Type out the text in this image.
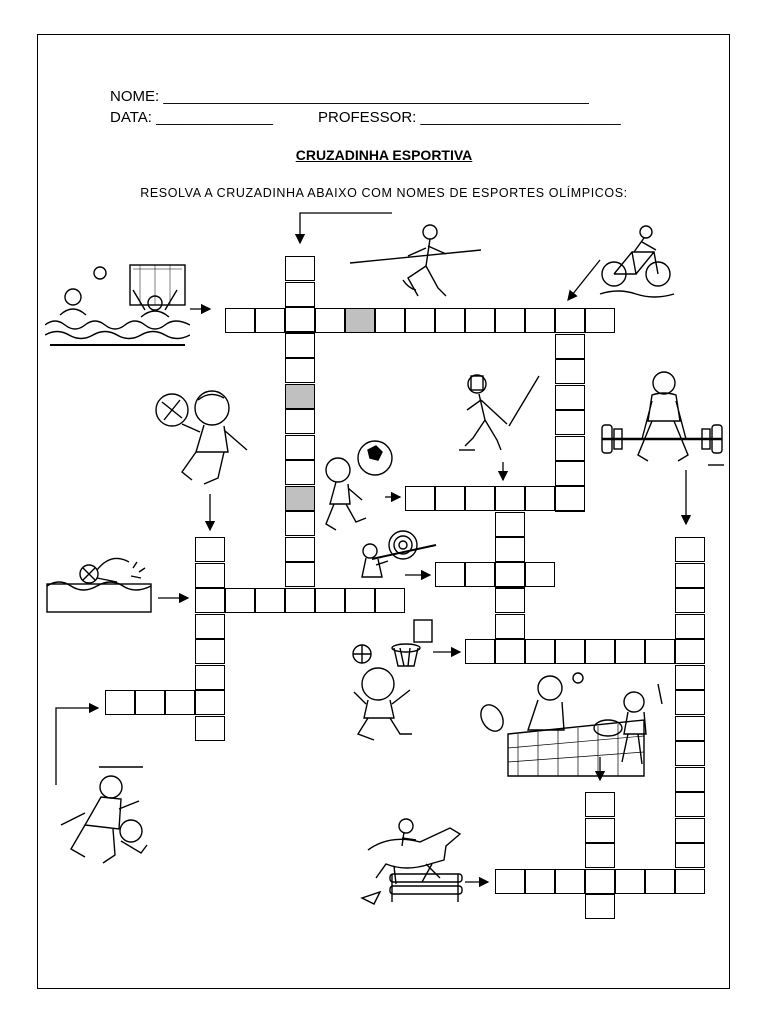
NOME: ___________________________________________________
DATA: ______________	PROFESSOR: ________________________
CRUZADINHA ESPORTIVA
RESOLVA A CRUZADINHA ABAIXO COM NOMES DE ESPORTES OLÍMPICOS:
